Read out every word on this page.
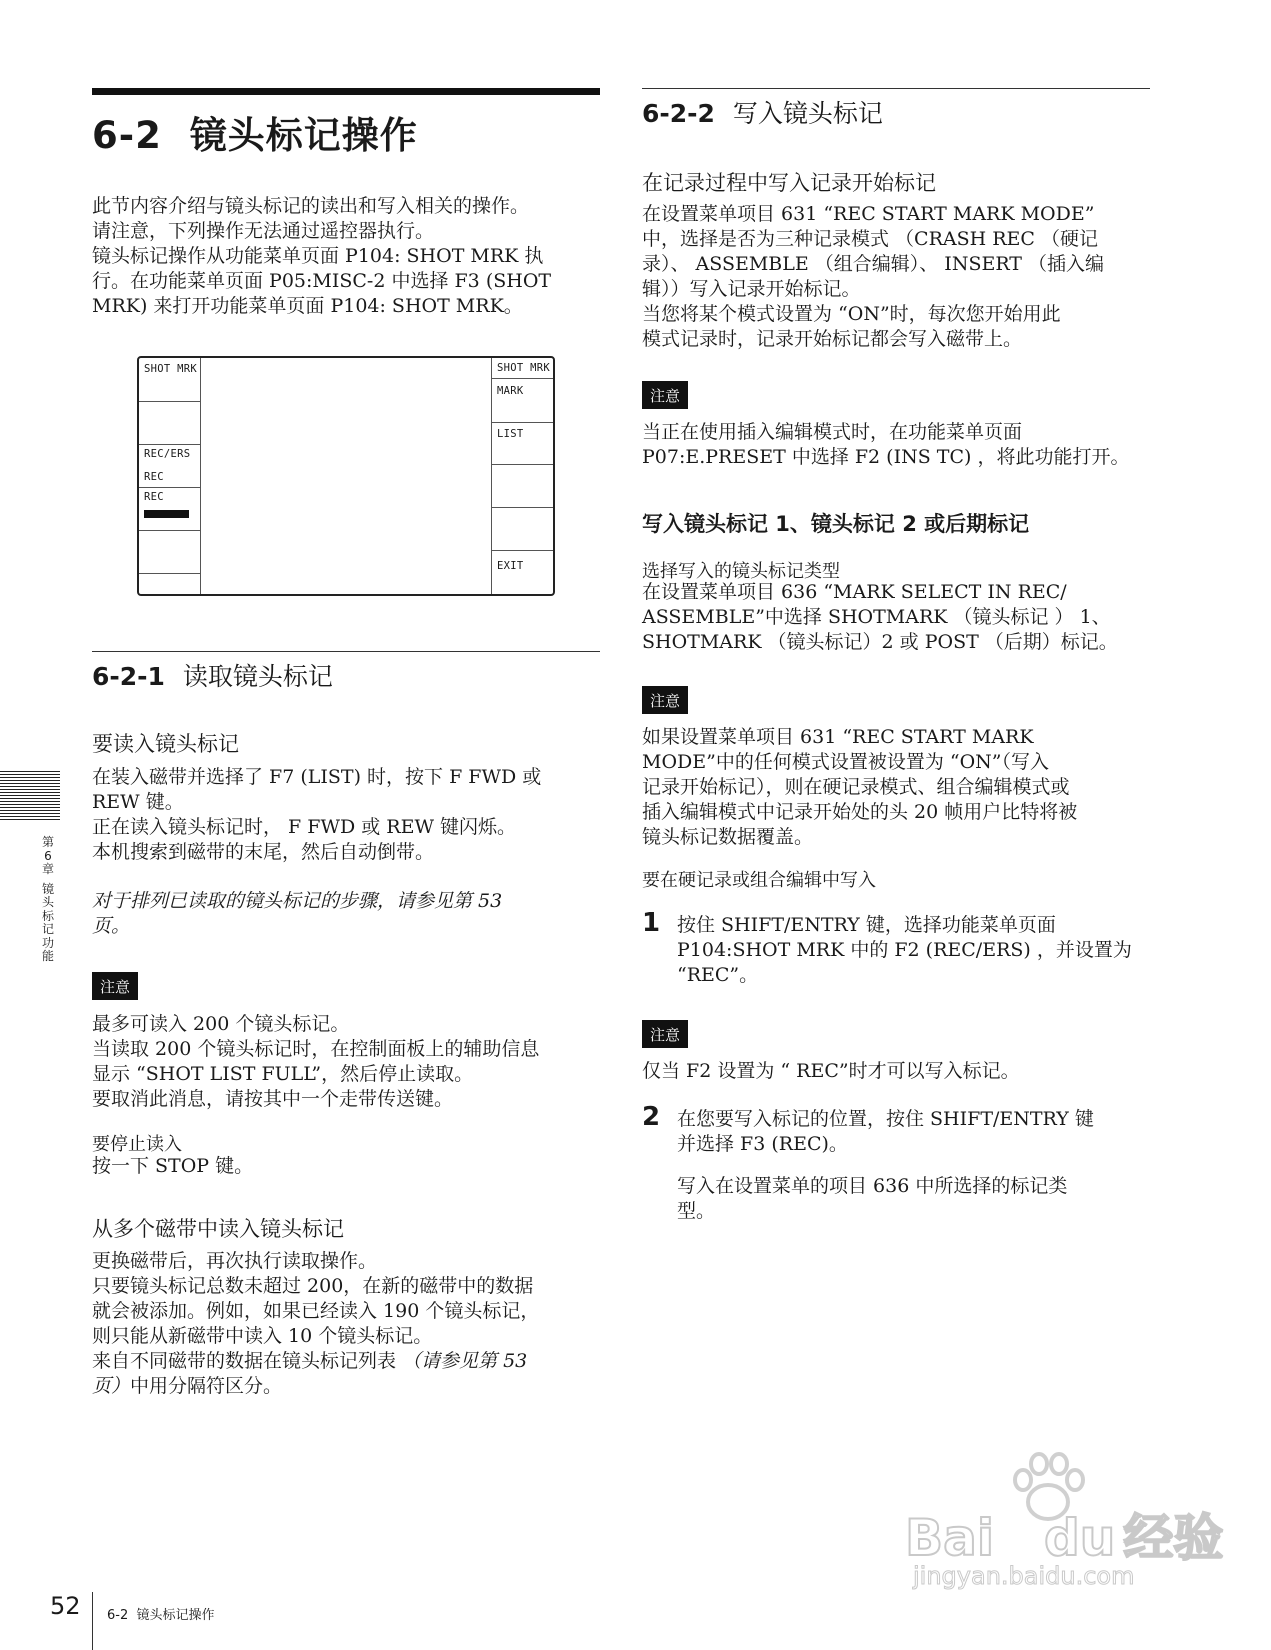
6-2 镜头标记操作

此节内容介绍与镜头标记的读出和写入相关的操作。

请注意，下列操作无法通过遥控器执行。

镜头标记操作从功能菜单页面 P104: SHOT MRK 执

行。在功能菜单页面 P05:MISC-2 中选择 F3 (SHOT

MRK) 来打开功能菜单页面 P104: SHOT MRK。

SHOT MRK
REC/ERS
REC
REC
SHOT MRK
MARK
LIST
EXIT
6-2-1 读取镜头标记
要读入镜头标记

在装入磁带并选择了 F7 (LIST) 时，按下 F FWD 或

REW 键。

正在读入镜头标记时， F FWD 或 REW 键闪烁。

本机搜索到磁带的末尾，然后自动倒带。

对于排列已读取的镜头标记的步骤，请参见第 53

页。

注意

最多可读入 200 个镜头标记。

当读取 200 个镜头标记时，在控制面板上的辅助信息

显示 “SHOT LIST FULL”，然后停止读取。

要取消此消息，请按其中一个走带传送键。

要停止读入
按一下 STOP 键。
从多个磁带中读入镜头标记

更换磁带后，再次执行读取操作。

只要镜头标记总数未超过 200，在新的磁带中的数据

就会被添加。例如，如果已经读入 190 个镜头标记，

则只能从新磁带中读入 10 个镜头标记。

来自不同磁带的数据在镜头标记列表 （请参见第 53

页）中用分隔符区分。

6-2-2 写入镜头标记
在记录过程中写入记录开始标记

在设置菜单项目 631 “REC START MARK MODE”

中，选择是否为三种记录模式 （CRASH REC （硬记

录）、 ASSEMBLE （组合编辑）、 INSERT （插入编

辑））写入记录开始标记。

当您将某个模式设置为 “ON”时，每次您开始用此

模式记录时，记录开始标记都会写入磁带上。

注意

当正在使用插入编辑模式时，在功能菜单页面

P07:E.PRESET 中选择 F2 (INS TC) ，将此功能打开。

写入镜头标记 1、镜头标记 2 或后期标记
选择写入的镜头标记类型

在设置菜单项目 636 “MARK SELECT IN REC/

ASSEMBLE”中选择 SHOTMARK （镜头标记 ） 1、

SHOTMARK （镜头标记）2 或 POST （后期）标记。

注意

如果设置菜单项目 631 “REC START MARK

MODE”中的任何模式设置被设置为 “ON”（写入

记录开始标记），则在硬记录模式、组合编辑模式或

插入编辑模式中记录开始处的头 20 帧用户比特将被

镜头标记数据覆盖。

要在硬记录或组合编辑中写入
1 按住 SHIFT/ENTRY 键，选择功能菜单页面

P104:SHOT MRK 中的 F2 (REC/ERS) ，并设置为

“REC”。

注意
仅当 F2 设置为 “ REC”时才可以写入标记。
2 在您要写入标记的位置，按住 SHIFT/ENTRY 键

并选择 F3 (REC)。

写入在设置菜单的项目 636 中所选择的标记类

型。

第
6
章
镜
头
标
记
功
能
52 6-2  镜头标记操作
Bai du 经验
jingyan.baidu.com
